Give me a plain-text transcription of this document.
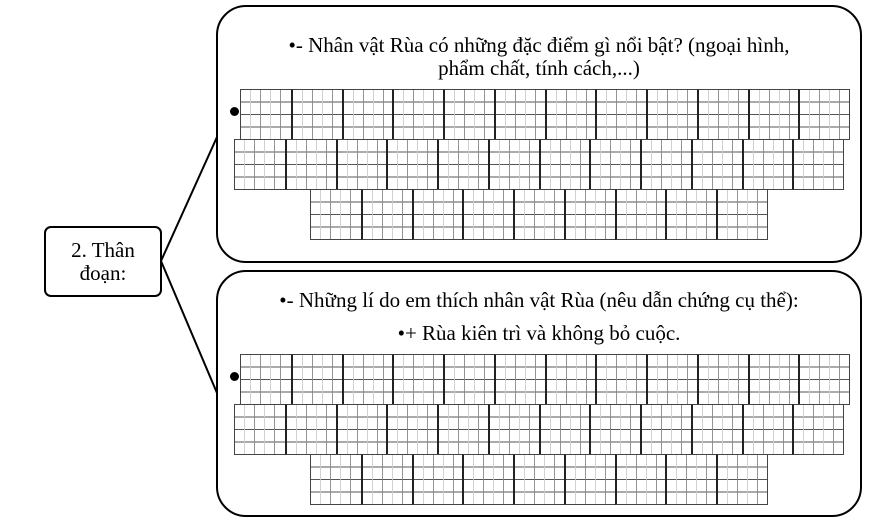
2. Thân
đoạn:
•- Nhân vật Rùa có những đặc điểm gì nổi bật? (ngoại hình,
phẩm chất, tính cách,...)
•- Những lí do em thích nhân vật Rùa (nêu dẫn chứng cụ thể):
•+ Rùa kiên trì và không bỏ cuộc.
